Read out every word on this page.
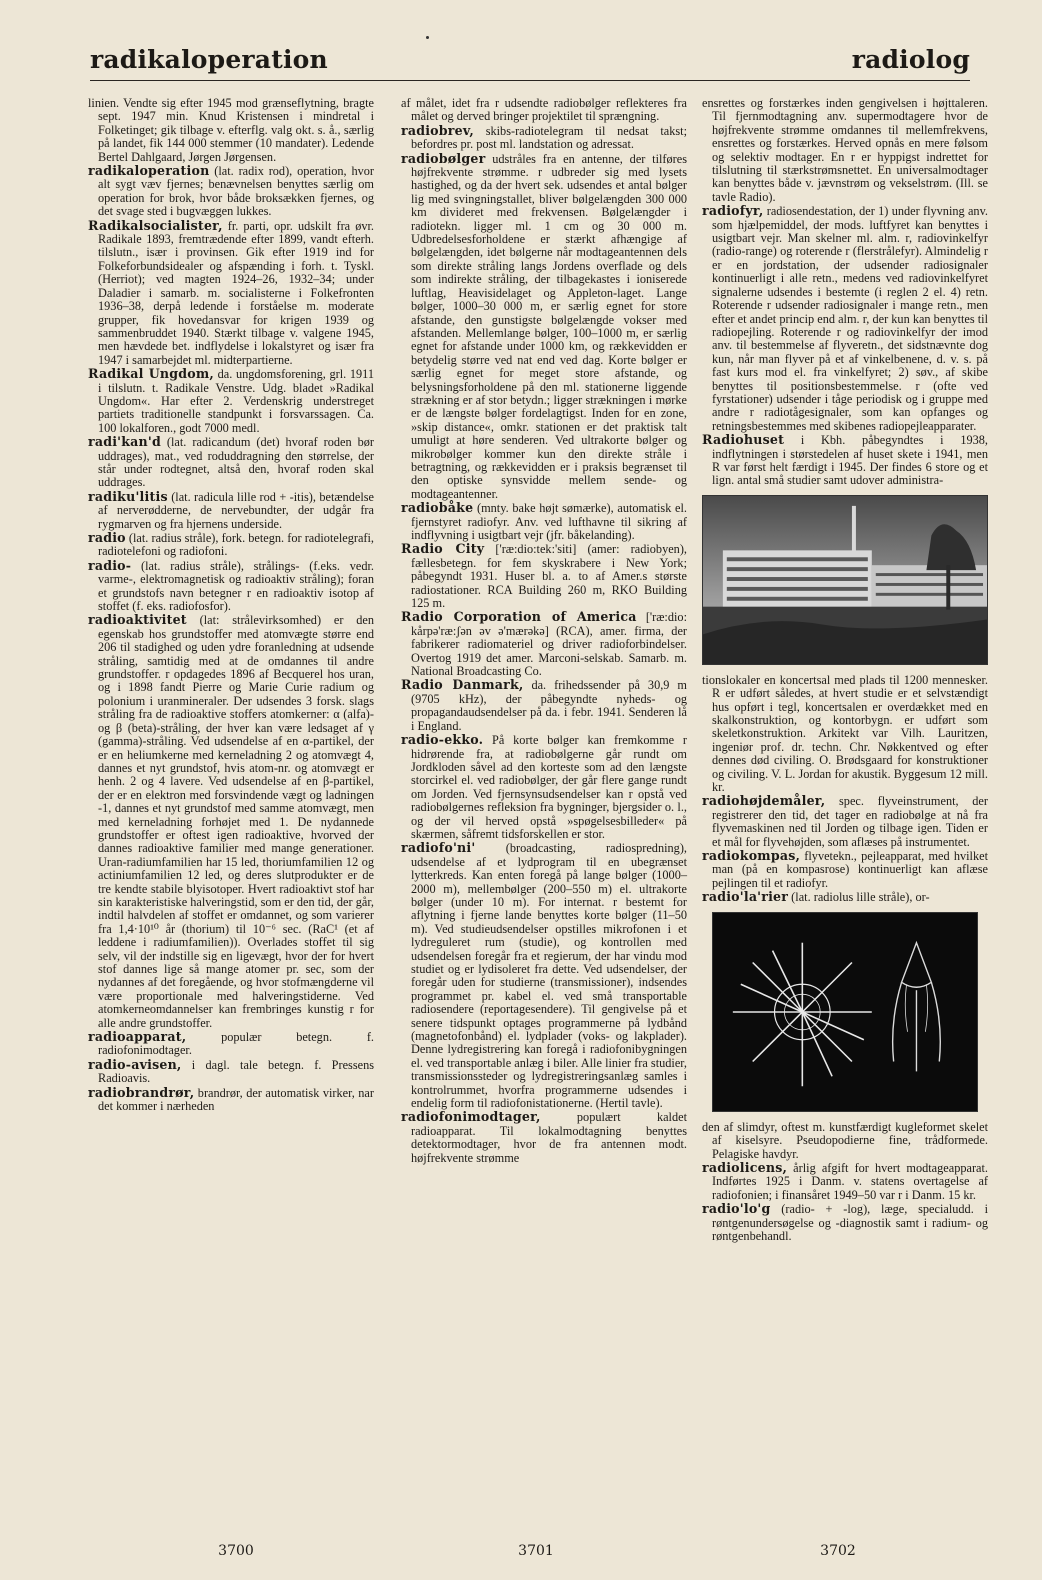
radikaloperation	radiolog

linien. Vendte sig efter 1945 mod grænseflytning, bragte sept. 1947 min. Knud Kristensen i mindretal i Folketinget; gik tilbage v. efterflg. valg okt. s. å., særlig på landet, fik 144 000 stemmer (10 mandater). Ledende Bertel Dahlgaard, Jørgen Jørgensen.

radikaloperation (lat. radix rod), operation, hvor alt sygt væv fjernes; benævnelsen benyttes særlig om operation for brok, hvor både broksækken fjernes, og det svage sted i bugvæggen lukkes.

Radikalsocialister, fr. parti, opr. udskilt fra øvr. Radikale 1893, fremtrædende efter 1899, vandt efterh. tilslutn., især i provinsen. Gik efter 1919 ind for Folkeforbundsidealer og afspænding i forh. t. Tyskl. (Herriot); ved magten 1924–26, 1932–34; under Daladier i samarb. m. socialisterne i Folkefronten 1936–38, derpå ledende i forståelse m. moderate grupper, fik hovedansvar for krigen 1939 og sammenbruddet 1940. Stærkt tilbage v. valgene 1945, men hævdede bet. indflydelse i lokalstyret og især fra 1947 i samarbejdet ml. midterpartierne.

Radikal Ungdom, da. ungdomsforening, grl. 1911 i tilslutn. t. Radikale Venstre. Udg. bladet »Radikal Ungdom«. Har efter 2. Verdenskrig understreget partiets traditionelle standpunkt i forsvarssagen. Ca. 100 lokalforen., godt 7000 medl.

radi'kan'd (lat. radicandum (det) hvoraf roden bør uddrages), mat., ved roduddragning den størrelse, der står under rodtegnet, altså den, hvoraf roden skal uddrages.

radiku'litis (lat. radicula lille rod + -itis), betændelse af nerverødderne, de nervebundter, der udgår fra rygmarven og fra hjernens underside.

radio (lat. radius stråle), fork. betegn. for radiotelegrafi, radiotelefoni og radiofoni.

radio- (lat. radius stråle), strålings- (f.eks. vedr. varme-, elektromagnetisk og radioaktiv stråling); foran et grundstofs navn betegner r en radioaktiv isotop af stoffet (f. eks. radiofosfor).

radioaktivitet (lat: strålevirksomhed) er den egenskab hos grundstoffer med atomvægte større end 206 til stadighed og uden ydre foranledning at udsende stråling, samtidig med at de omdannes til andre grundstoffer. r opdagedes 1896 af Becquerel hos uran, og i 1898 fandt Pierre og Marie Curie radium og polonium i uranmineraler. Der udsendes 3 forsk. slags stråling fra de radioaktive stoffers atomkerner: α (alfa)-og β (beta)-stråling, der hver kan være ledsaget af γ (gamma)-stråling. Ved udsendelse af en α-partikel, der er en heliumkerne med kerneladning 2 og atomvægt 4, dannes et nyt grundstof, hvis atom-nr. og atomvægt er henh. 2 og 4 lavere. Ved udsendelse af en β-partikel, der er en elektron med forsvindende vægt og ladningen -1, dannes et nyt grundstof med samme atomvægt, men med kerneladning forhøjet med 1. De nydannede grundstoffer er oftest igen radioaktive, hvorved der dannes radioaktive familier med mange generationer. Uran-radiumfamilien har 15 led, thoriumfamilien 12 og actiniumfamilien 12 led, og deres slutprodukter er de tre kendte stabile blyisotoper. Hvert radioaktivt stof har sin karakteristiske halveringstid, som er den tid, der går, indtil halvdelen af stoffet er omdannet, og som varierer fra 1,4·10¹⁰ år (thorium) til 10⁻⁶ sec. (RaC¹ (et af leddene i radiumfamilien)). Overlades stoffet til sig selv, vil der indstille sig en ligevægt, hvor der for hvert stof dannes lige så mange atomer pr. sec, som der nydannes af det foregående, og hvor stofmængderne vil være proportionale med halveringstiderne. Ved atomkerneomdannelser kan frembringes kunstig r for alle andre grundstoffer.

radioapparat, populær betegn. f. radiofonimodtager.

radio-avisen, i dagl. tale betegn. f. Pressens Radioavis.

radiobrandrør, brandrør, der automatisk virker, nar det kommer i nærheden

af målet, idet fra r udsendte radiobølger reflekteres fra målet og derved bringer projektilet til sprængning.

radiobrev, skibs-radiotelegram til nedsat takst; befordres pr. post ml. landstation og adressat.

radiobølger udstråles fra en antenne, der tilføres højfrekvente strømme. r udbreder sig med lysets hastighed, og da der hvert sek. udsendes et antal bølger lig med svingningstallet, bliver bølgelængden 300 000 km divideret med frekvensen. Bølgelængder i radiotekn. ligger ml. 1 cm og 30 000 m. Udbredelsesforholdene er stærkt afhængige af bølgelængden, idet bølgerne når modtageantennen dels som direkte stråling langs Jordens overflade og dels som indirekte stråling, der tilbagekastes i ioniserede luftlag, Heavisidelaget og Appleton-laget. Lange bølger, 1000–30 000 m, er særlig egnet for store afstande, den gunstigste bølgelængde vokser med afstanden. Mellemlange bølger, 100–1000 m, er særlig egnet for afstande under 1000 km, og rækkevidden er betydelig større ved nat end ved dag. Korte bølger er særlig egnet for meget store afstande, og belysningsforholdene på den ml. stationerne liggende strækning er af stor betydn.; ligger strækningen i mørke er de længste bølger fordelagtigst. Inden for en zone, »skip distance«, omkr. stationen er det praktisk talt umuligt at høre senderen. Ved ultrakorte bølger og mikrobølger kommer kun den direkte stråle i betragtning, og rækkevidden er i praksis begrænset til den optiske synsvidde mellem sende- og modtageantenner.

radiobåke (mnty. bake højt sømærke), automatisk el. fjernstyret radiofyr. Anv. ved lufthavne til sikring af indflyvning i usigtbart vejr (jfr. båkelanding).

Radio City ['ræ:dio:tek:'siti] (amer: radiobyen), fællesbetegn. for fem skyskrabere i New York; påbegyndt 1931. Huser bl. a. to af Amer.s største radiostationer. RCA Building 260 m, RKO Building 125 m.

Radio Corporation of America ['ræ:dio: kårpə'ræ:ʃən əv ə'mærəkə] (RCA), amer. firma, der fabrikerer radiomateriel og driver radioforbindelser. Overtog 1919 det amer. Marconi-selskab. Samarb. m. National Broadcasting Co.

Radio Danmark, da. frihedssender på 30,9 m (9705 kHz), der påbegyndte nyheds- og propagandaudsendelser på da. i febr. 1941. Senderen lå i England.

radio-ekko. På korte bølger kan fremkomme r hidrørende fra, at radiobølgerne går rundt om Jordkloden såvel ad den korteste som ad den længste storcirkel el. ved radiobølger, der går flere gange rundt om Jorden. Ved fjernsynsudsendelser kan r opstå ved radiobølgernes refleksion fra bygninger, bjergsider o. l., og der vil herved opstå »spøgelsesbilleder« på skærmen, såfremt tidsforskellen er stor.

radiofo'ni' (broadcasting, radiospredning), udsendelse af et lydprogram til en ubegrænset lytterkreds. Kan enten foregå på lange bølger (1000–2000 m), mellembølger (200–550 m) el. ultrakorte bølger (under 10 m). For internat. r bestemt for aflytning i fjerne lande benyttes korte bølger (11–50 m). Ved studieudsendelser opstilles mikrofonen i et lydreguleret rum (studie), og kontrollen med udsendelsen foregår fra et regierum, der har vindu mod studiet og er lydisoleret fra dette. Ved udsendelser, der foregår uden for studierne (transmissioner), indsendes programmet pr. kabel el. ved små transportable radiosendere (reportagesendere). Til gengivelse på et senere tidspunkt optages programmerne på lydbånd (magnetofonbånd) el. lydplader (voks- og lakplader). Denne lydregistrering kan foregå i radiofonibygningen el. ved transportable anlæg i biler. Alle linier fra studier, transmissionssteder og lydregistreringsanlæg samles i kontrolrummet, hvorfra programmerne udsendes i endelig form til radiofonistationerne. (Hertil tavle).

radiofonimodtager, populært kaldet radioapparat. Til lokalmodtagning benyttes detektormodtager, hvor de fra antennen modt. højfrekvente strømme

ensrettes og forstærkes inden gengivelsen i højttaleren. Til fjernmodtagning anv. supermodtagere hvor de højfrekvente strømme omdannes til mellemfrekvens, ensrettes og forstærkes. Herved opnås en mere følsom og selektiv modtager. En r er hyppigst indrettet for tilslutning til stærkstrømsnettet. En universalmodtager kan benyttes både v. jævnstrøm og vekselstrøm. (Ill. se tavle Radio).

radiofyr, radiosendestation, der 1) under flyvning anv. som hjælpemiddel, der mods. luftfyret kan benyttes i usigtbart vejr. Man skelner ml. alm. r, radiovinkelfyr (radio-range) og roterende r (flerstrålefyr). Almindelig r er en jordstation, der udsender radiosignaler kontinuerligt i alle retn., medens ved radiovinkelfyret signalerne udsendes i bestemte (i reglen 2 el. 4) retn. Roterende r udsender radiosignaler i mange retn., men efter et andet princip end alm. r, der kun kan benyttes til radiopejling. Roterende r og radiovinkelfyr der imod anv. til bestemmelse af flyveretn., det sidstnævnte dog kun, når man flyver på et af vinkelbenene, d. v. s. på fast kurs mod el. fra vinkelfyret; 2) søv., af skibe benyttes til positionsbestemmelse. r (ofte ved fyrstationer) udsender i tåge periodisk og i gruppe med andre r radiotågesignaler, som kan opfanges og retningsbestemmes med skibenes radiopejleapparater.

Radiohuset i Kbh. påbegyndtes i 1938, indflytningen i størstedelen af huset skete i 1941, men R var først helt færdigt i 1945. Der findes 6 store og et lign. antal små studier samt udover administra-

tionslokaler en koncertsal med plads til 1200 mennesker. R er udført således, at hvert studie er et selvstændigt hus opført i tegl, koncertsalen er overdækket med en skalkonstruktion, og kontorbygn. er udført som skeletkonstruktion. Arkitekt var Vilh. Lauritzen, ingeniør prof. dr. techn. Chr. Nøkkentved og efter dennes død civiling. O. Brødsgaard for konstruktioner og civiling. V. L. Jordan for akustik. Byggesum 12 mill. kr.

radiohøjdemåler, spec. flyveinstrument, der registrerer den tid, det tager en radiobølge at nå fra flyvemaskinen ned til Jorden og tilbage igen. Tiden er et mål for flyvehøjden, som aflæses på instrumentet.

radiokompas, flyvetekn., pejleapparat, med hvilket man (på en kompasrose) kontinuerligt kan aflæse pejlingen til et radiofyr.

radio'la'rier (lat. radiolus lille stråle), or-

den af slimdyr, oftest m. kunstfærdigt kugleformet skelet af kiselsyre. Pseudopodierne fine, trådformede. Pelagiske havdyr.

radiolicens, årlig afgift for hvert modtageapparat. Indførtes 1925 i Danm. v. statens overtagelse af radiofonien; i finansåret 1949–50 var r i Danm. 15 kr.

radio'lo'g (radio- + -log), læge, specialudd. i røntgenundersøgelse og -diagnostik samt i radium- og røntgenbehandl.

3700	3701	3702
